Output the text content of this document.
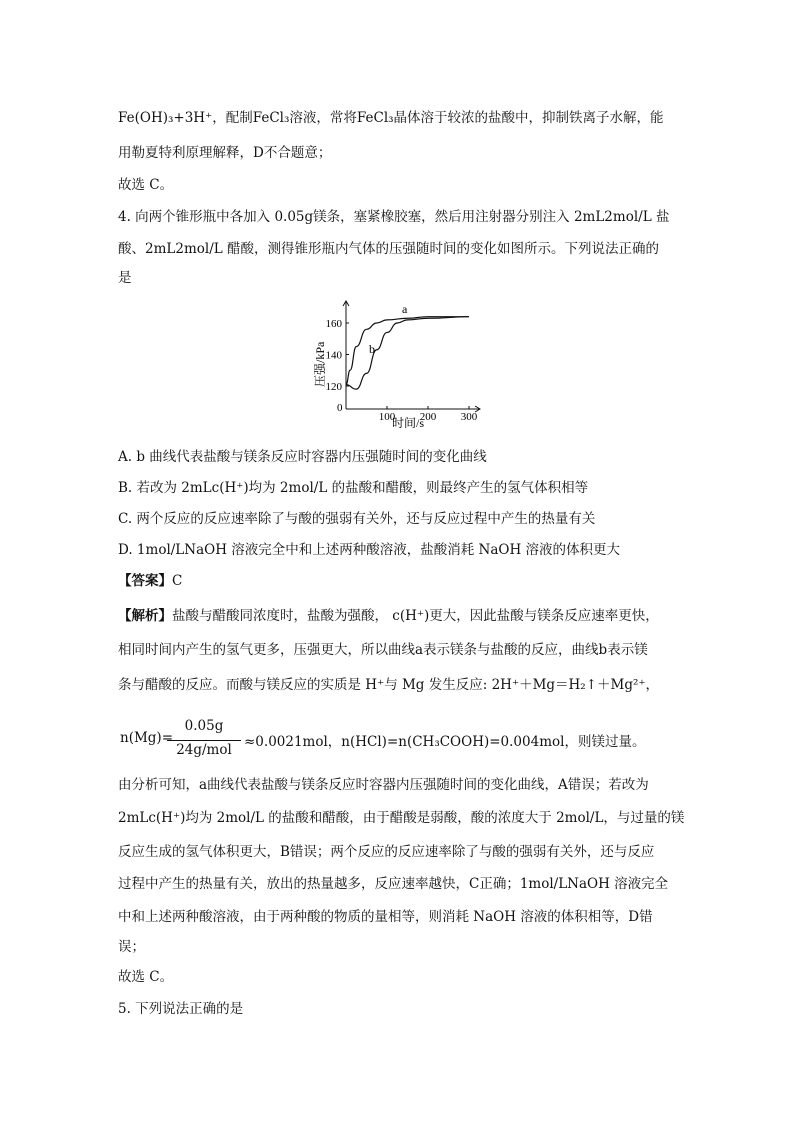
Fe(OH)₃+3H⁺，配制FeCl₃溶液，常将FeCl₃晶体溶于较浓的盐酸中，抑制铁离子水解，能
用勒夏特利原理解释，D不合题意；
故选 C。
4. 向两个锥形瓶中各加入 0.05g镁条，塞紧橡胶塞，然后用注射器分别注入 2mL2mol/L 盐
酸、2mL2mol/L 醋酸，测得锥形瓶内气体的压强随时间的变化如图所示。下列说法正确的
是
0
100 200 300
120
140
160
a
b
压强/kPa
时间/s
A. b 曲线代表盐酸与镁条反应时容器内压强随时间的变化曲线
B. 若改为 2mLc(H⁺)均为 2mol/L 的盐酸和醋酸，则最终产生的氢气体积相等
C. 两个反应的反应速率除了与酸的强弱有关外，还与反应过程中产生的热量有关
D. 1mol/LNaOH 溶液完全中和上述两种酸溶液，盐酸消耗 NaOH 溶液的体积更大
【答案】C
【解析】盐酸与醋酸同浓度时，盐酸为强酸， c(H⁺)更大，因此盐酸与镁条反应速率更快，
相同时间内产生的氢气更多，压强更大，所以曲线a表示镁条与盐酸的反应，曲线b表示镁
条与醋酸的反应。而酸与镁反应的实质是 H⁺与 Mg 发生反应: 2H⁺＋Mg＝H₂↑＋Mg²⁺，
n(Mg)=
0.05g
24g/mol ≈0.0021mol，n(HCl)=n(CH₃COOH)=0.004mol，则镁过量。
由分析可知，a曲线代表盐酸与镁条反应时容器内压强随时间的变化曲线，A错误；若改为
2mLc(H⁺)均为 2mol/L 的盐酸和醋酸，由于醋酸是弱酸，酸的浓度大于 2mol/L，与过量的镁
反应生成的氢气体积更大，B错误；两个反应的反应速率除了与酸的强弱有关外，还与反应
过程中产生的热量有关，放出的热量越多，反应速率越快，C正确；1mol/LNaOH 溶液完全
中和上述两种酸溶液，由于两种酸的物质的量相等，则消耗 NaOH 溶液的体积相等，D错
误；
故选 C。
5. 下列说法正确的是
